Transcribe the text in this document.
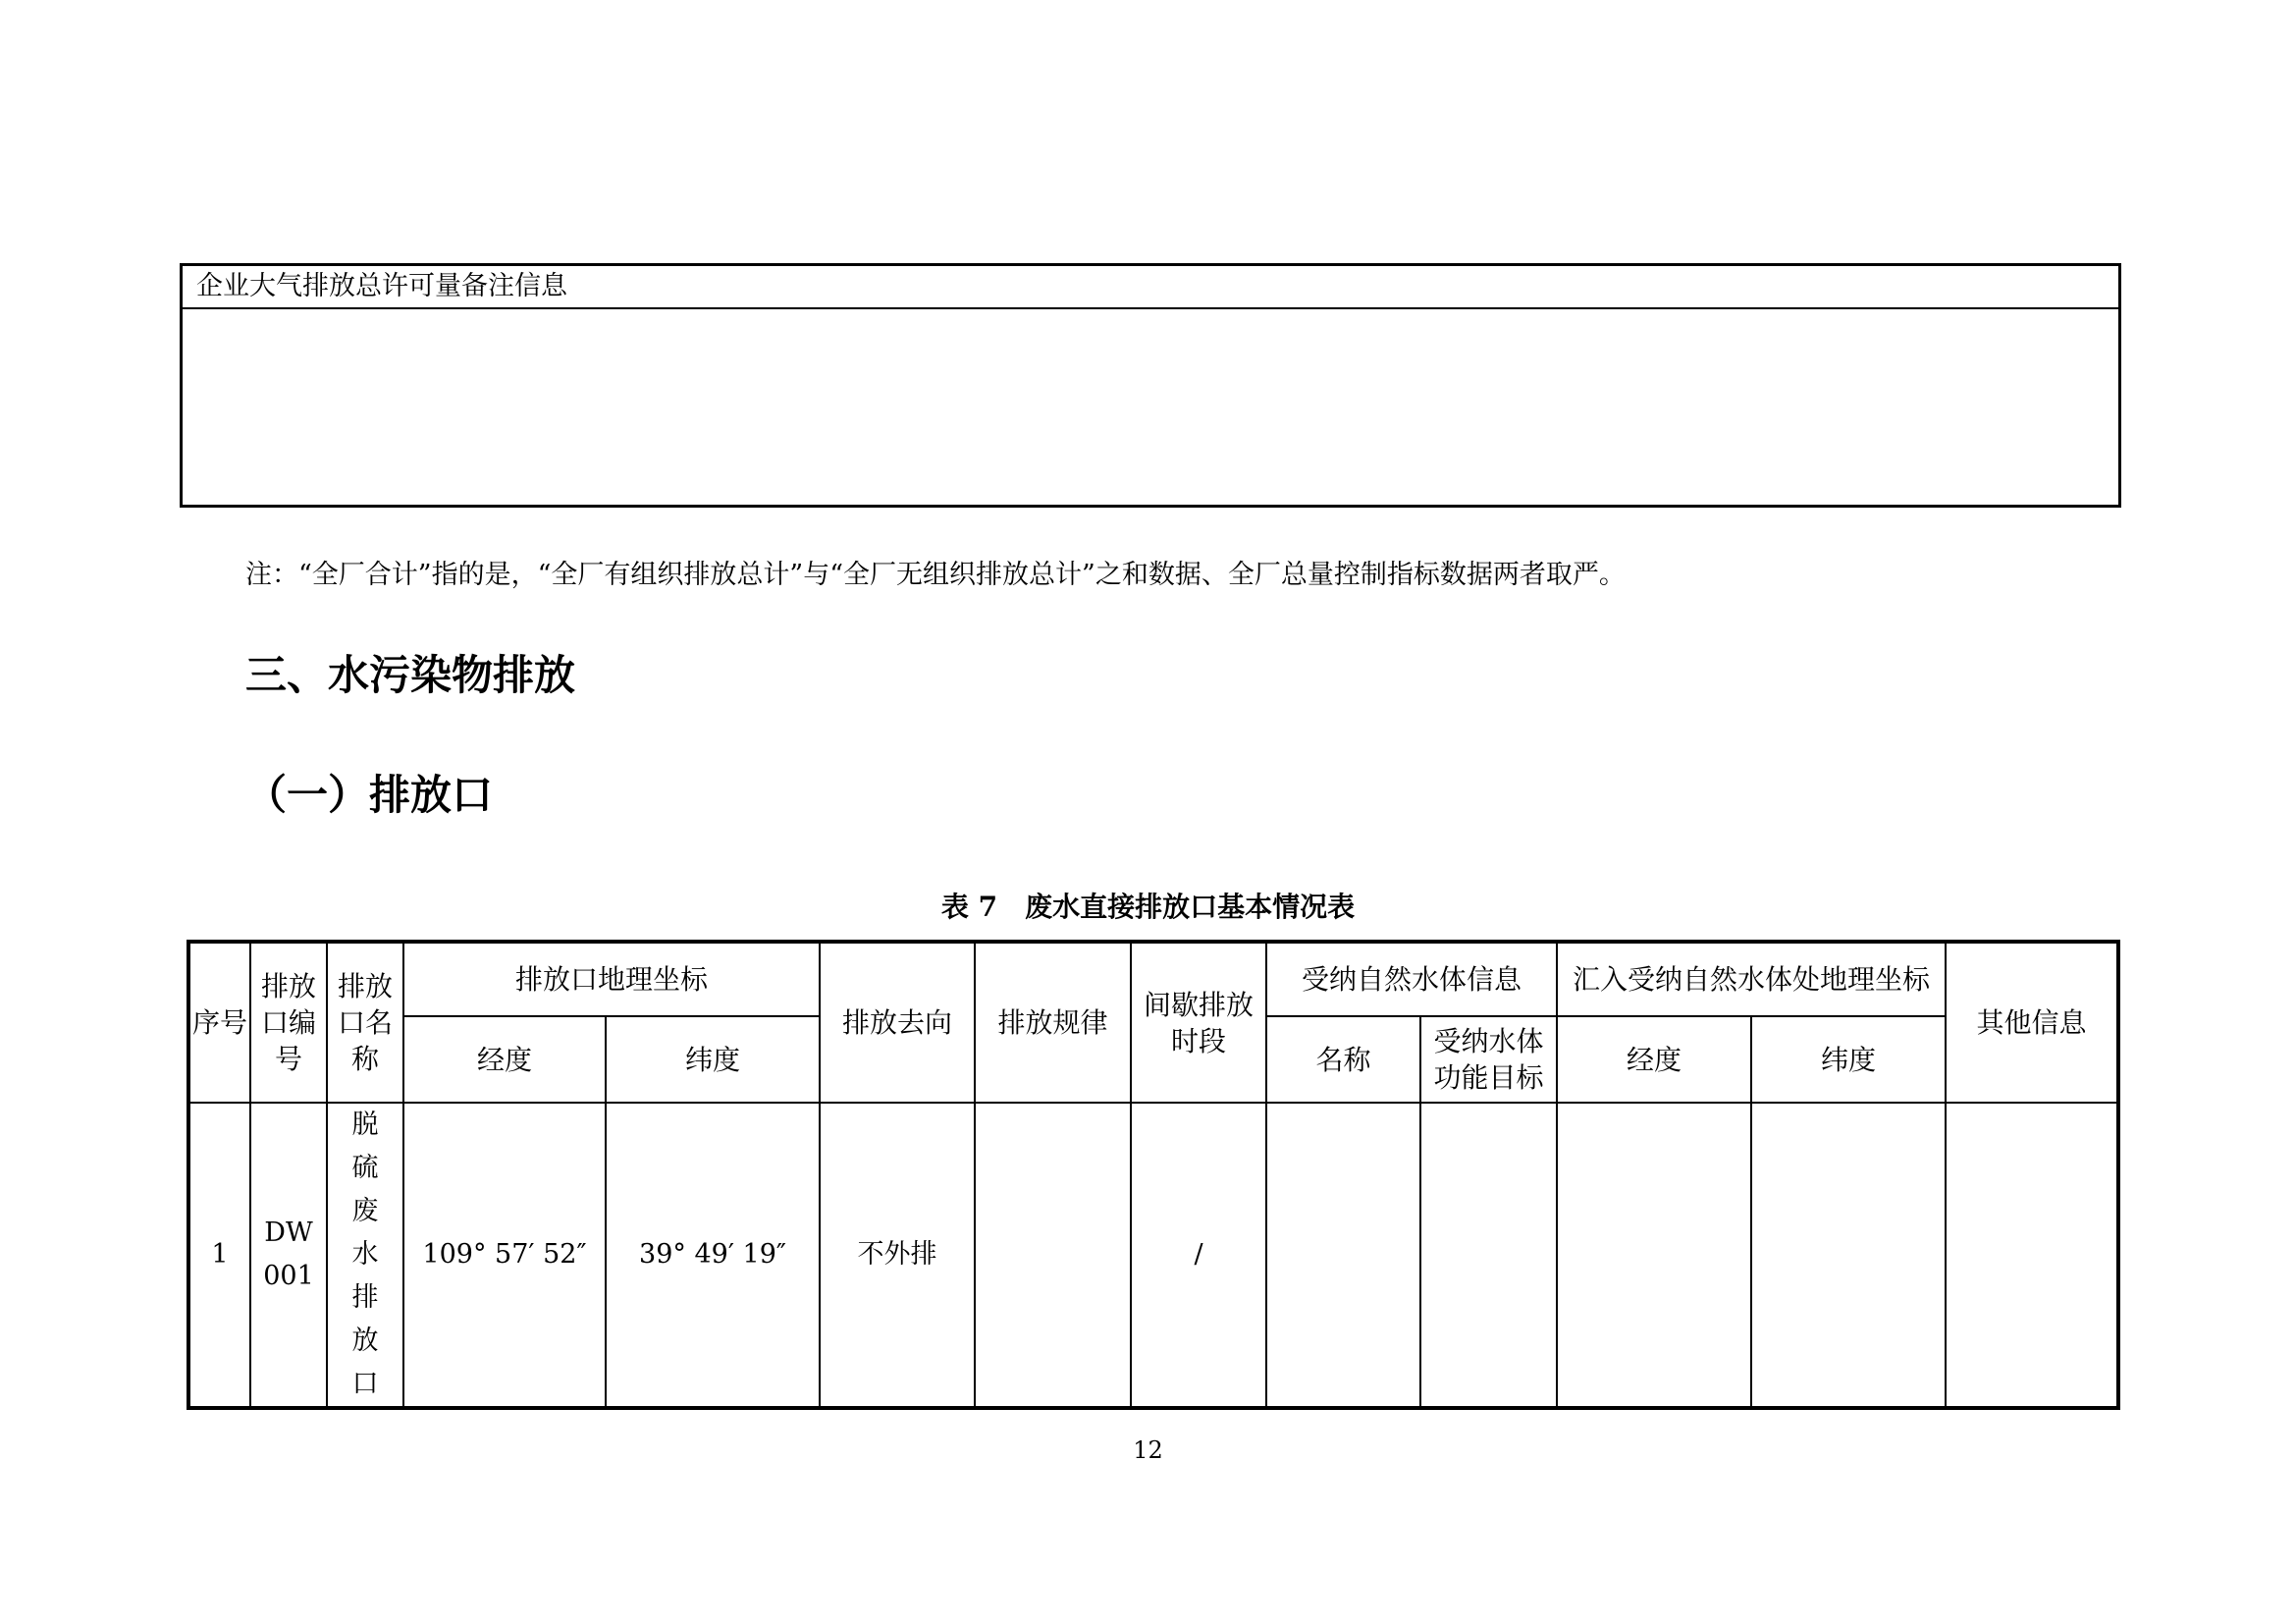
企业大气排放总许可量备注信息
注：“全厂合计”指的是，“全厂有组织排放总计”与“全厂无组织排放总计”之和数据、全厂总量控制指标数据两者取严。
三、水污染物排放
（一）排放口
表 7　废水直接排放口基本情况表
序号	排放口编号	排放口名称	排放口地理坐标		排放去向	排放规律	间歇排放时段	受纳自然水体信息		汇入受纳自然水体处地理坐标		其他信息
			经度	纬度				名称	受纳水体功能目标	经度	纬度	
1	DW001	脱硫废水排放口	109° 57′ 52″	39° 49′ 19″	不外排		/					
12
